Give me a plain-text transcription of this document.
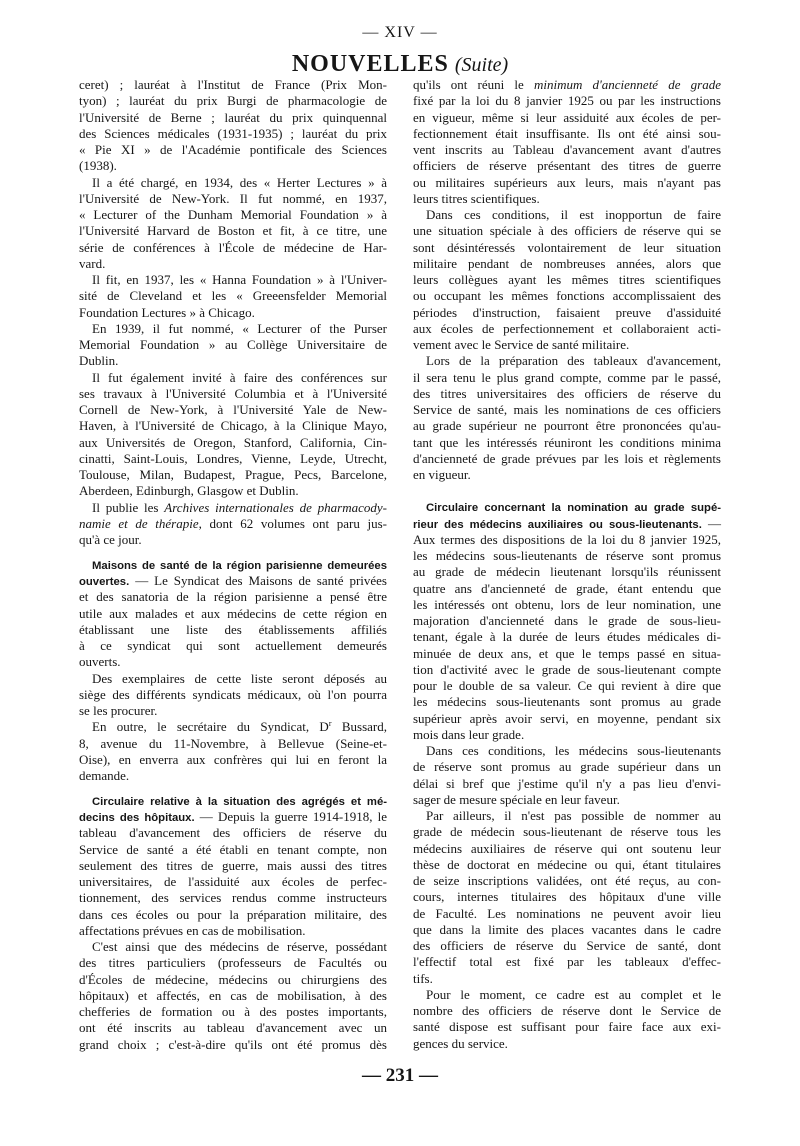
— XIV —
NOUVELLES (Suite)
ceret) ; lauréat à l'Institut de France (Prix Mon-
tyon) ; lauréat du prix Burgi de pharmacologie de
l'Université de Berne ; lauréat du prix quinquennal
des Sciences médicales (1931-1935) ; lauréat du prix
« Pie XI » de l'Académie pontificale des Sciences
(1938).
Il a été chargé, en 1934, des « Herter Lectures » à
l'Université de New-York. Il fut nommé, en 1937,
« Lecturer of the Dunham Memorial Foundation » à
l'Université Harvard de Boston et fit, à ce titre, une
série de conférences à l'École de médecine de Har-
vard.
Il fit, en 1937, les « Hanna Foundation » à l'Univer-
sité de Cleveland et les « Greeensfelder Memorial
Foundation Lectures » à Chicago.
En 1939, il fut nommé, « Lecturer of the Purser
Memorial Foundation » au Collège Universitaire de
Dublin.
Il fut également invité à faire des conférences sur
ses travaux à l'Université Columbia et à l'Université
Cornell de New-York, à l'Université Yale de New-
Haven, à l'Université de Chicago, à la Clinique Mayo,
aux Universités de Oregon, Stanford, California, Cin-
cinatti, Saint-Louis, Londres, Vienne, Leyde, Utrecht,
Toulouse, Milan, Budapest, Prague, Pecs, Barcelone,
Aberdeen, Edinburgh, Glasgow et Dublin.
Il publie les Archives internationales de pharmacody-
namie et de thérapie, dont 62 volumes ont paru jus-
qu'à ce jour.
Maisons de santé de la région parisienne demeurées
ouvertes. — Le Syndicat des Maisons de santé privées
et des sanatoria de la région parisienne a pensé être
utile aux malades et aux médecins de cette région en
établissant une liste des établissements affiliés
à ce syndicat qui sont actuellement demeurés
ouverts.
Des exemplaires de cette liste seront déposés au
siège des différents syndicats médicaux, où l'on pourra
se les procurer.
En outre, le secrétaire du Syndicat, $D^r$ Bussard,
8, avenue du 11-Novembre, à Bellevue (Seine-et-
Oise), en enverra aux confrères qui lui en feront la
demande.
Circulaire relative à la situation des agrégés et mé-
decins des hôpitaux. — Depuis la guerre 1914-1918, le
tableau d'avancement des officiers de réserve du
Service de santé a été établi en tenant compte, non
seulement des titres de guerre, mais aussi des titres
universitaires, de l'assiduité aux écoles de perfec-
tionnement, des services rendus comme instructeurs
dans ces écoles ou pour la préparation militaire, des
affectations prévues en cas de mobilisation.
C'est ainsi que des médecins de réserve, possédant
des titres particuliers (professeurs de Facultés ou
d'Écoles de médecine, médecins ou chirurgiens des
hôpitaux) et affectés, en cas de mobilisation, à des
chefferies de formation ou à des postes importants,
ont été inscrits au tableau d'avancement avec un
grand choix ; c'est-à-dire qu'ils ont été promus dès
qu'ils ont réuni le minimum d'ancienneté de grade
fixé par la loi du 8 janvier 1925 ou par les instructions
en vigueur, même si leur assiduité aux écoles de per-
fectionnement était insuffisante. Ils ont été ainsi sou-
vent inscrits au Tableau d'avancement avant d'autres
officiers de réserve présentant des titres de guerre
ou militaires supérieurs aux leurs, mais n'ayant pas
leurs titres scientifiques.
Dans ces conditions, il est inopportun de faire
une situation spéciale à des officiers de réserve qui se
sont désintéressés volontairement de leur situation
militaire pendant de nombreuses années, alors que
leurs collègues ayant les mêmes titres scientifiques
ou occupant les mêmes fonctions accomplissaient des
périodes d'instruction, faisaient preuve d'assiduité
aux écoles de perfectionnement et collaboraient acti-
vement avec le Service de santé militaire.
Lors de la préparation des tableaux d'avancement,
il sera tenu le plus grand compte, comme par le passé,
des titres universitaires des officiers de réserve du
Service de santé, mais les nominations de ces officiers
au grade supérieur ne pourront être prononcées qu'au-
tant que les intéressés réuniront les conditions minima
d'ancienneté de grade prévues par les lois et règlements
en vigueur.
Circulaire concernant la nomination au grade supé-
rieur des médecins auxiliaires ou sous-lieutenants. —
Aux termes des dispositions de la loi du 8 janvier 1925,
les médecins sous-lieutenants de réserve sont promus
au grade de médecin lieutenant lorsqu'ils réunissent
quatre ans d'ancienneté de grade, étant entendu que
les intéressés ont obtenu, lors de leur nomination, une
majoration d'ancienneté dans le grade de sous-lieu-
tenant, égale à la durée de leurs études médicales di-
minuée de deux ans, et que le temps passé en situa-
tion d'activité avec le grade de sous-lieutenant compte
pour le double de sa valeur. Ce qui revient à dire que
les médecins sous-lieutenants sont promus au grade
supérieur après avoir servi, en moyenne, pendant six
mois dans leur grade.
Dans ces conditions, les médecins sous-lieutenants
de réserve sont promus au grade supérieur dans un
délai si bref que j'estime qu'il n'y a pas lieu d'envi-
sager de mesure spéciale en leur faveur.
Par ailleurs, il n'est pas possible de nommer au
grade de médecin sous-lieutenant de réserve tous les
médecins auxiliaires de réserve qui ont soutenu leur
thèse de doctorat en médecine ou qui, étant titulaires
de seize inscriptions validées, ont été reçus, au con-
cours, internes titulaires des hôpitaux d'une ville
de Faculté. Les nominations ne peuvent avoir lieu
que dans la limite des places vacantes dans le cadre
des officiers de réserve du Service de santé, dont
l'effectif total est fixé par les tableaux d'effec-
tifs.
Pour le moment, ce cadre est au complet et le
nombre des officiers de réserve dont le Service de
santé dispose est suffisant pour faire face aux exi-
gences du service.
— 231 —
